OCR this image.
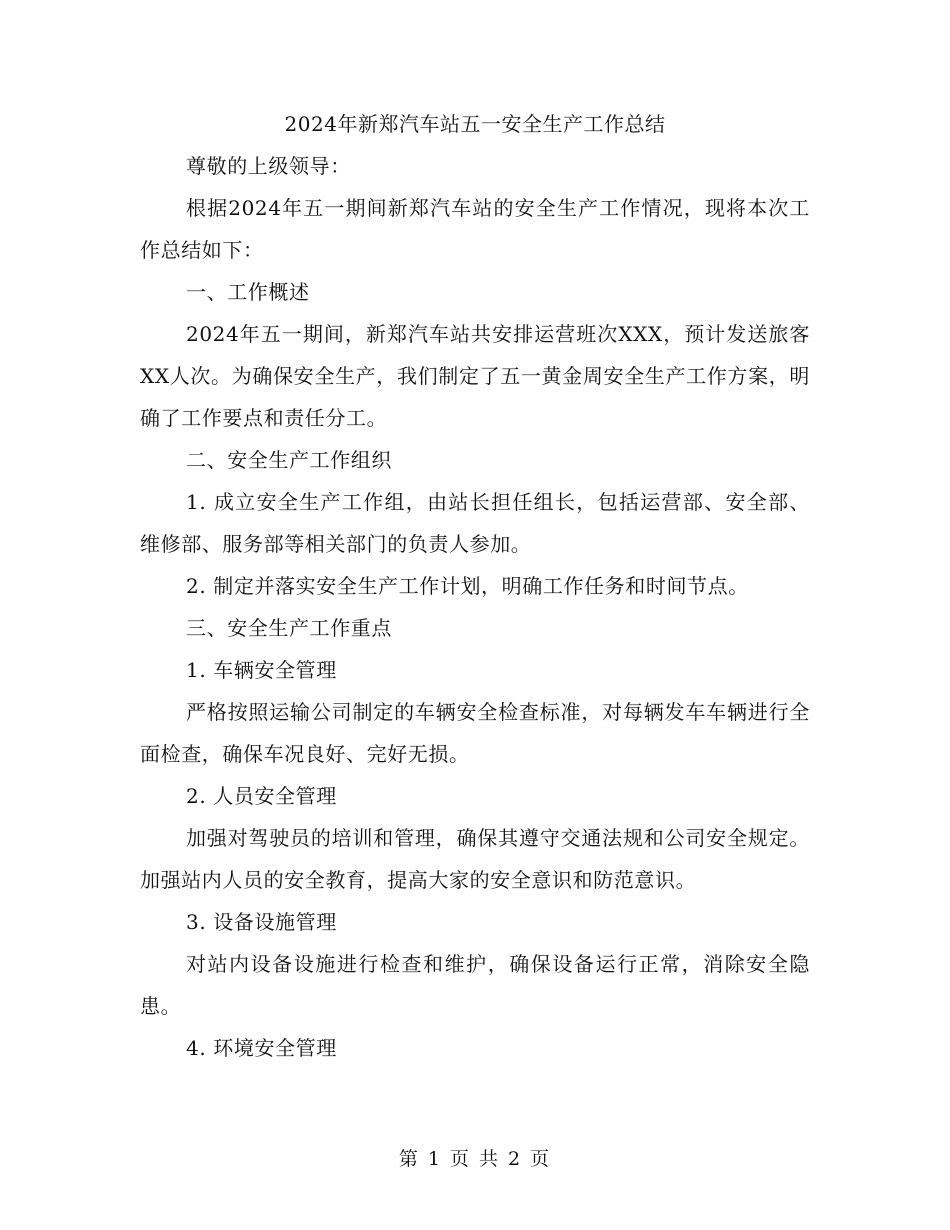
2024年新郑汽车站五一安全生产工作总结

尊敬的上级领导：

根据2024年五一期间新郑汽车站的安全生产工作情况，现将本次工作总结如下：

一、工作概述

2024年五一期间，新郑汽车站共安排运营班次XXX，预计发送旅客XX人次。为确保安全生产，我们制定了五一黄金周安全生产工作方案，明确了工作要点和责任分工。

二、安全生产工作组织

1. 成立安全生产工作组，由站长担任组长，包括运营部、安全部、维修部、服务部等相关部门的负责人参加。

2. 制定并落实安全生产工作计划，明确工作任务和时间节点。

三、安全生产工作重点

1. 车辆安全管理

严格按照运输公司制定的车辆安全检查标准，对每辆发车车辆进行全面检查，确保车况良好、完好无损。

2. 人员安全管理

加强对驾驶员的培训和管理，确保其遵守交通法规和公司安全规定。加强站内人员的安全教育，提高大家的安全意识和防范意识。

3. 设备设施管理

对站内设备设施进行检查和维护，确保设备运行正常，消除安全隐患。

4. 环境安全管理

第 1 页 共 2 页
